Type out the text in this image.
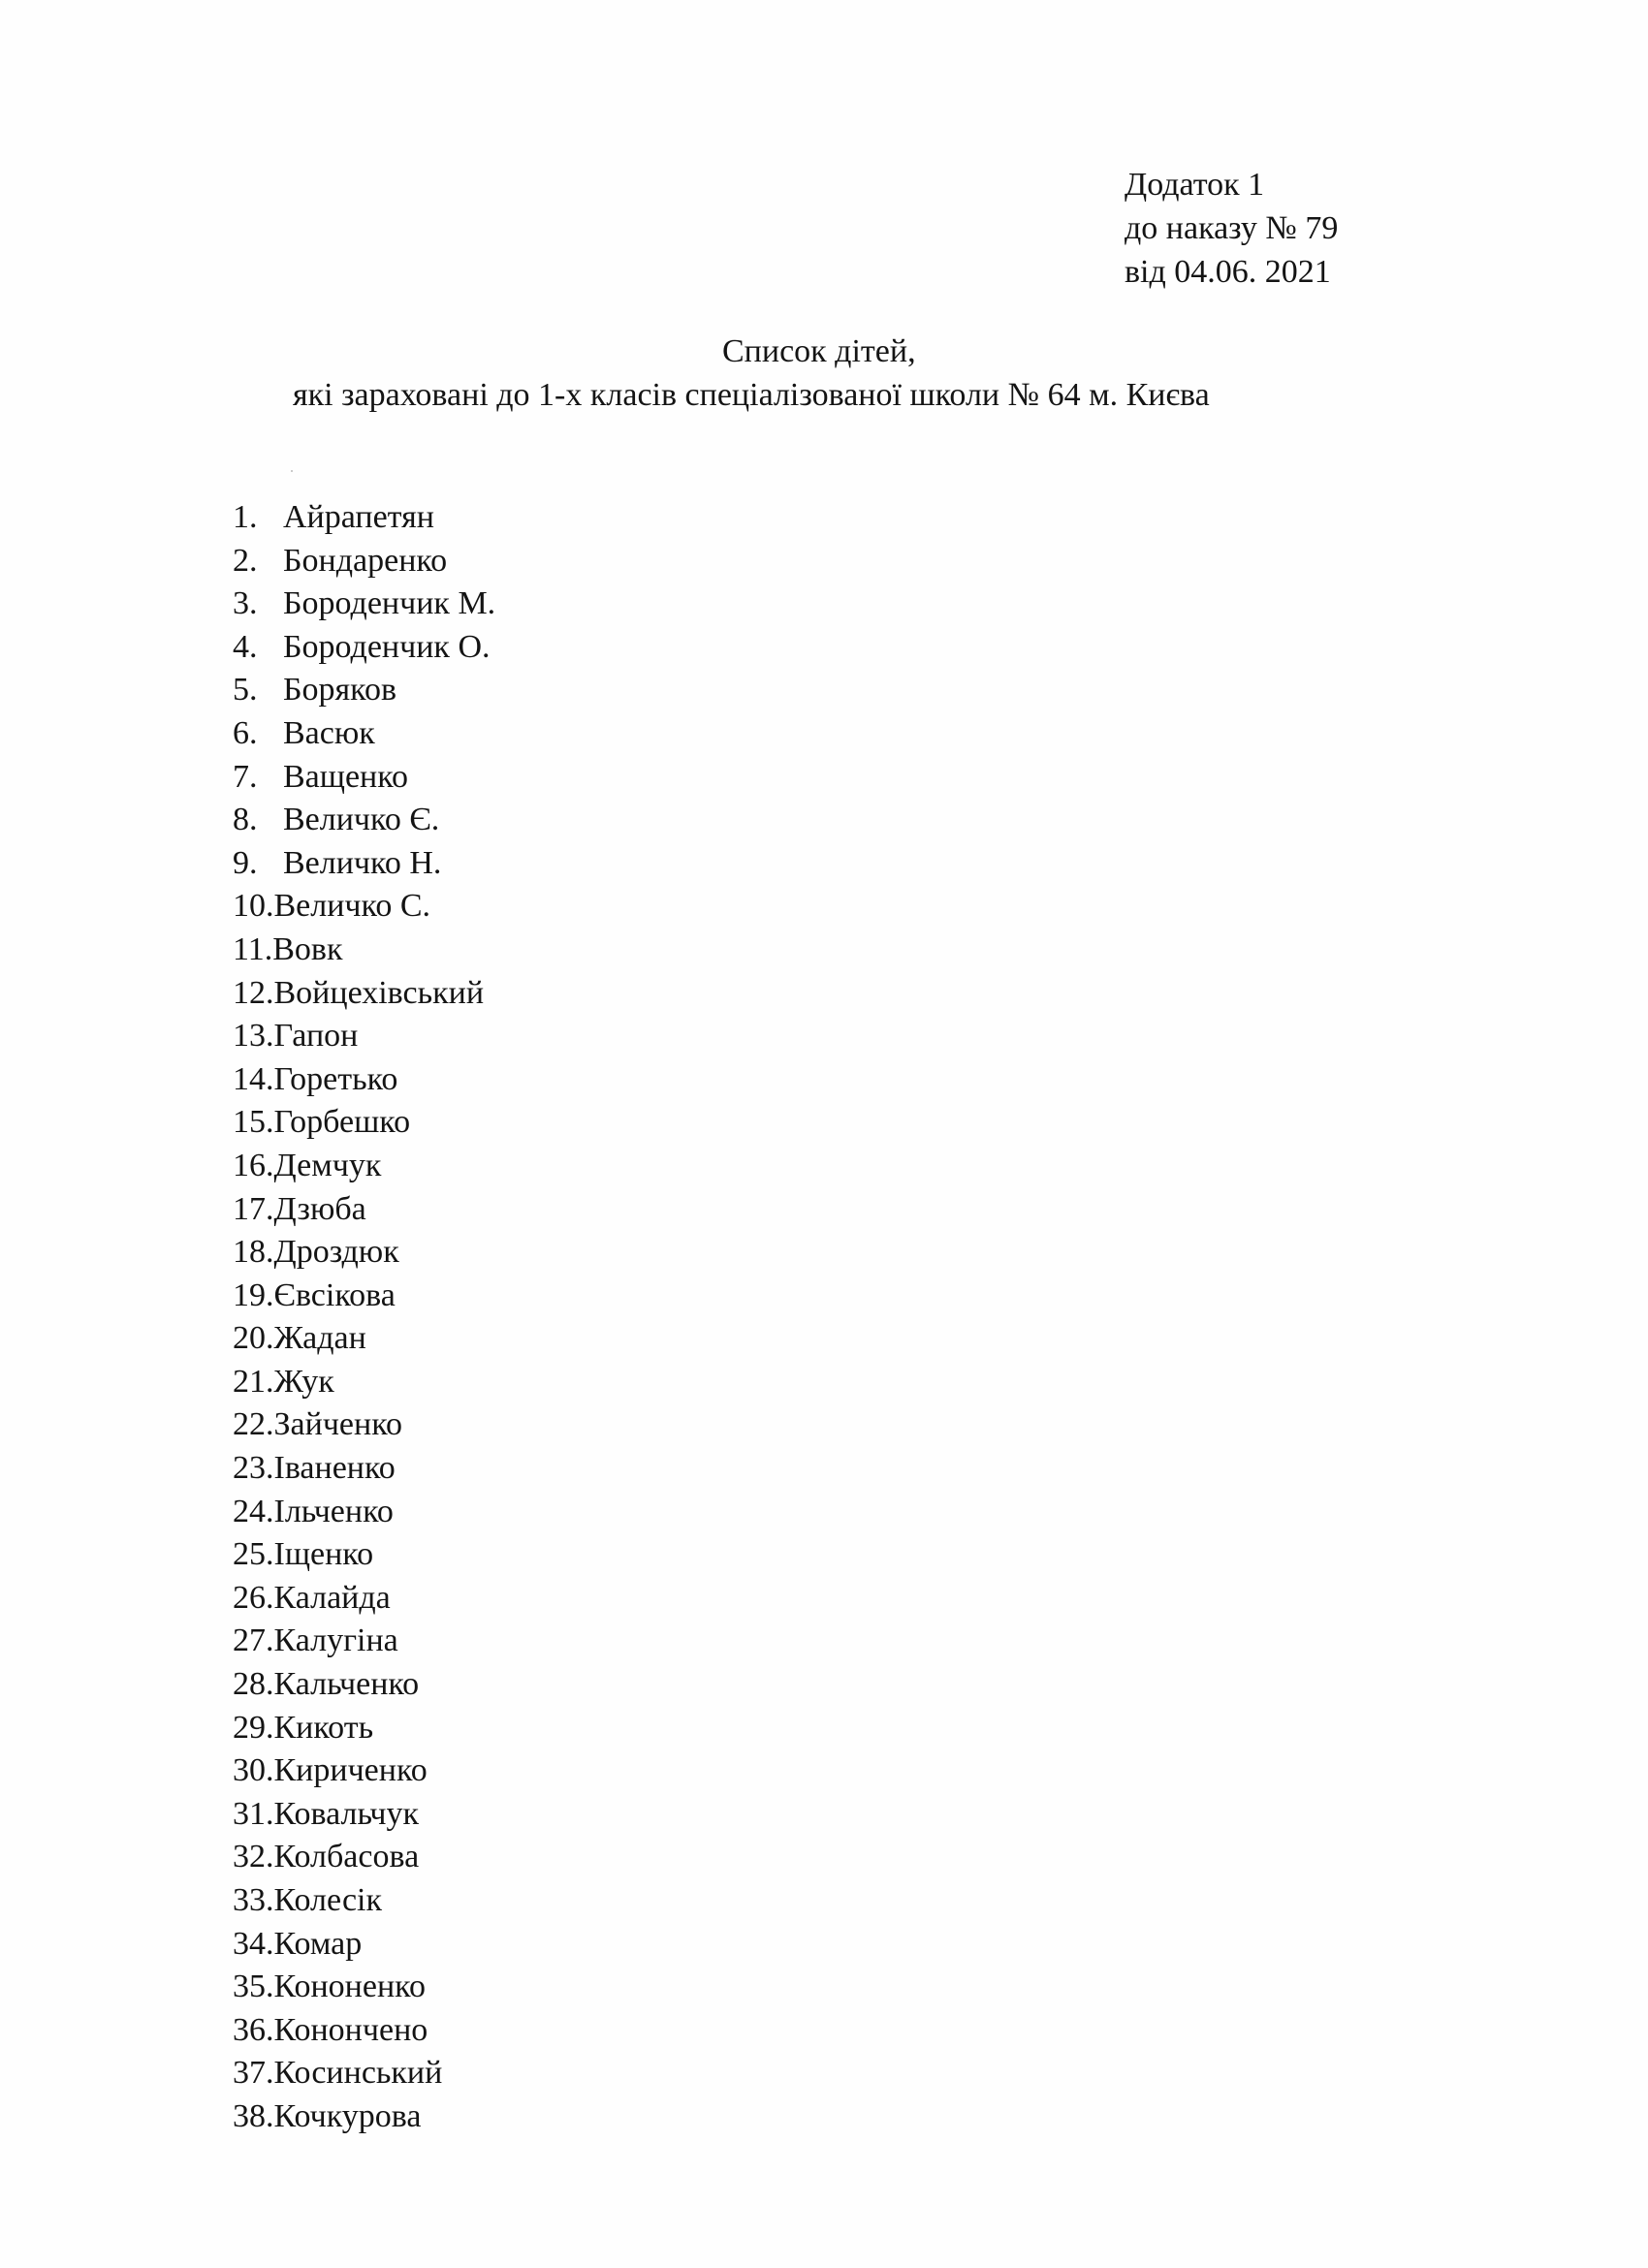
Додаток 1
до наказу № 79
від 04.06. 2021
Список дітей,
які зараховані до 1-х класів спеціалізованої школи № 64 м. Києва
1. Айрапетян
2. Бондаренко
3. Бороденчик М.
4. Бороденчик О.
5. Боряков
6. Васюк
7. Ващенко
8. Величко Є.
9. Величко Н.
10.Величко С.
11.Вовк
12.Войцехівський
13.Гапон
14.Горетько
15.Горбешко
16.Демчук
17.Дзюба
18.Дроздюк
19.Євсікова
20.Жадан
21.Жук
22.Зайченко
23.Іваненко
24.Ільченко
25.Іщенко
26.Калайда
27.Калугіна
28.Кальченко
29.Кикоть
30.Кириченко
31.Ковальчук
32.Колбасова
33.Колесік
34.Комар
35.Кононенко
36.Конончено
37.Косинський
38.Кочкурова
